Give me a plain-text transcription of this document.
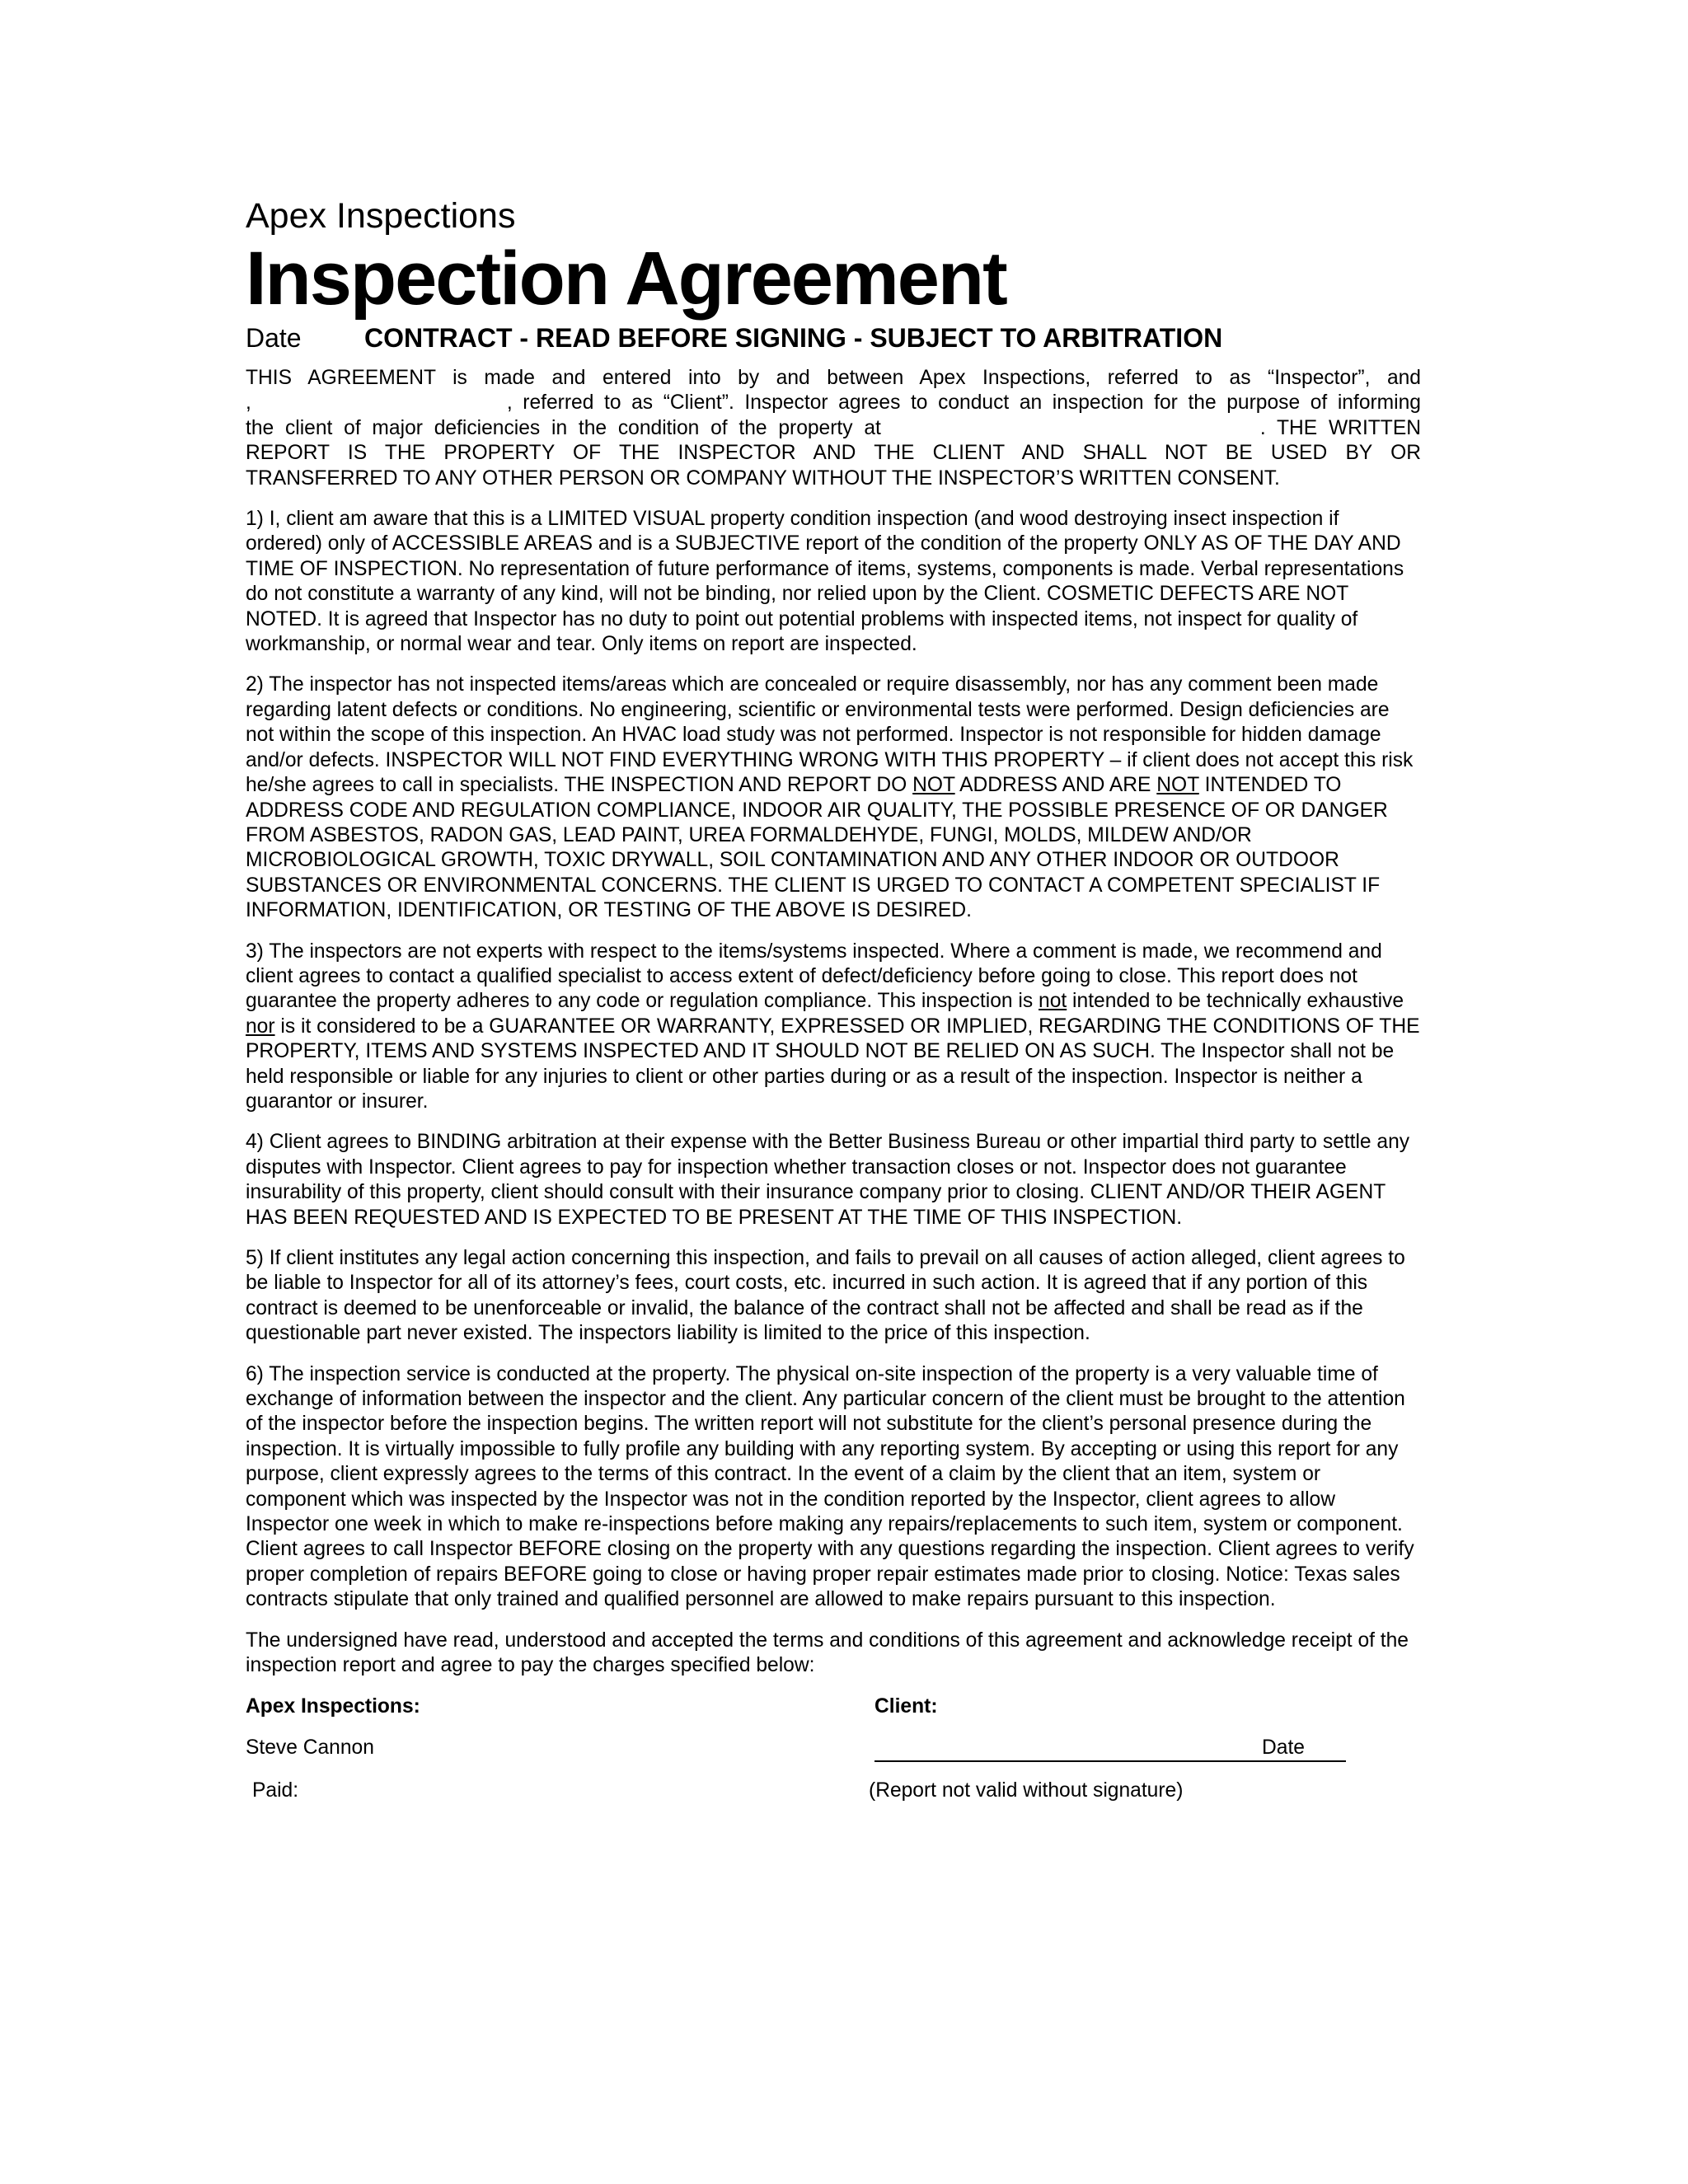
Apex Inspections
Inspection Agreement
Date	CONTRACT - READ BEFORE SIGNING - SUBJECT TO ARBITRATION
THIS AGREEMENT is made and entered into by and between Apex Inspections, referred to as “Inspector”, and
,	, referred to as “Client”. Inspector agrees to conduct an inspection for the purpose of informing
the client of major deficiencies in the condition of the property at	. THE WRITTEN
REPORT IS THE PROPERTY OF THE INSPECTOR AND THE CLIENT AND SHALL NOT BE USED BY OR
TRANSFERRED TO ANY OTHER PERSON OR COMPANY WITHOUT THE INSPECTOR’S WRITTEN CONSENT.
1) I, client am aware that this is a LIMITED VISUAL property condition inspection (and wood destroying insect inspection if ordered) only of ACCESSIBLE AREAS and is a SUBJECTIVE report of the condition of the property ONLY AS OF THE DAY AND TIME OF INSPECTION. No representation of future performance of items, systems, components is made. Verbal representations do not constitute a warranty of any kind, will not be binding, nor relied upon by the Client. COSMETIC DEFECTS ARE NOT NOTED. It is agreed that Inspector has no duty to point out potential problems with inspected items, not inspect for quality of workmanship, or normal wear and tear. Only items on report are inspected.
2) The inspector has not inspected items/areas which are concealed or require disassembly, nor has any comment been made regarding latent defects or conditions. No engineering, scientific or environmental tests were performed. Design deficiencies are not within the scope of this inspection. An HVAC load study was not performed. Inspector is not responsible for hidden damage and/or defects. INSPECTOR WILL NOT FIND EVERYTHING WRONG WITH THIS PROPERTY – if client does not accept this risk he/she agrees to call in specialists. THE INSPECTION AND REPORT DO NOT ADDRESS AND ARE NOT INTENDED TO ADDRESS CODE AND REGULATION COMPLIANCE, INDOOR AIR QUALITY, THE POSSIBLE PRESENCE OF OR DANGER FROM ASBESTOS, RADON GAS, LEAD PAINT, UREA FORMALDEHYDE, FUNGI, MOLDS, MILDEW AND/OR MICROBIOLOGICAL GROWTH, TOXIC DRYWALL, SOIL CONTAMINATION AND ANY OTHER INDOOR OR OUTDOOR SUBSTANCES OR ENVIRONMENTAL CONCERNS. THE CLIENT IS URGED TO CONTACT A COMPETENT SPECIALIST IF INFORMATION, IDENTIFICATION, OR TESTING OF THE ABOVE IS DESIRED.
3) The inspectors are not experts with respect to the items/systems inspected. Where a comment is made, we recommend and client agrees to contact a qualified specialist to access extent of defect/deficiency before going to close. This report does not guarantee the property adheres to any code or regulation compliance. This inspection is not intended to be technically exhaustive nor is it considered to be a GUARANTEE OR WARRANTY, EXPRESSED OR IMPLIED, REGARDING THE CONDITIONS OF THE PROPERTY, ITEMS AND SYSTEMS INSPECTED AND IT SHOULD NOT BE RELIED ON AS SUCH. The Inspector shall not be held responsible or liable for any injuries to client or other parties during or as a result of the inspection. Inspector is neither a guarantor or insurer.
4) Client agrees to BINDING arbitration at their expense with the Better Business Bureau or other impartial third party to settle any disputes with Inspector. Client agrees to pay for inspection whether transaction closes or not. Inspector does not guarantee insurability of this property, client should consult with their insurance company prior to closing. CLIENT AND/OR THEIR AGENT HAS BEEN REQUESTED AND IS EXPECTED TO BE PRESENT AT THE TIME OF THIS INSPECTION.
5) If client institutes any legal action concerning this inspection, and fails to prevail on all causes of action alleged, client agrees to be liable to Inspector for all of its attorney’s fees, court costs, etc. incurred in such action. It is agreed that if any portion of this contract is deemed to be unenforceable or invalid, the balance of the contract shall not be affected and shall be read as if the questionable part never existed. The inspectors liability is limited to the price of this inspection.
6) The inspection service is conducted at the property. The physical on-site inspection of the property is a very valuable time of exchange of information between the inspector and the client. Any particular concern of the client must be brought to the attention of the inspector before the inspection begins. The written report will not substitute for the client’s personal presence during the inspection. It is virtually impossible to fully profile any building with any reporting system. By accepting or using this report for any purpose, client expressly agrees to the terms of this contract. In the event of a claim by the client that an item, system or component which was inspected by the Inspector was not in the condition reported by the Inspector, client agrees to allow Inspector one week in which to make re-inspections before making any repairs/replacements to such item, system or component. Client agrees to call Inspector BEFORE closing on the property with any questions regarding the inspection. Client agrees to verify proper completion of repairs BEFORE going to close or having proper repair estimates made prior to closing. Notice: Texas sales contracts stipulate that only trained and qualified personnel are allowed to make repairs pursuant to this inspection.
The undersigned have read, understood and accepted the terms and conditions of this agreement and acknowledge receipt of the inspection report and agree to pay the charges specified below:
Apex Inspections:	Client:
Steve Cannon	Date
Paid:	(Report not valid without signature)
